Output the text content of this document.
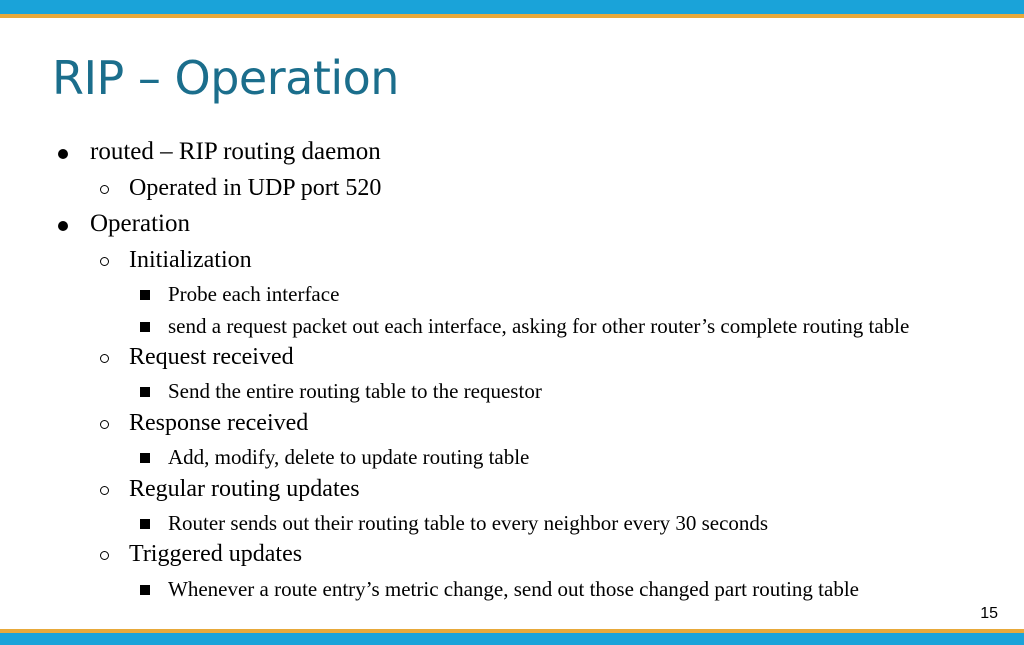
RIP – Operation
routed – RIP routing daemon
Operated in UDP port 520
Operation
Initialization
Probe each interface
send a request packet out each interface, asking for other router’s complete routing table
Request received
Send the entire routing table to the requestor
Response received
Add, modify, delete to update routing table
Regular routing updates
Router sends out their routing table to every neighbor every 30 seconds
Triggered updates
Whenever a route entry’s metric change, send out those changed part routing table
15
